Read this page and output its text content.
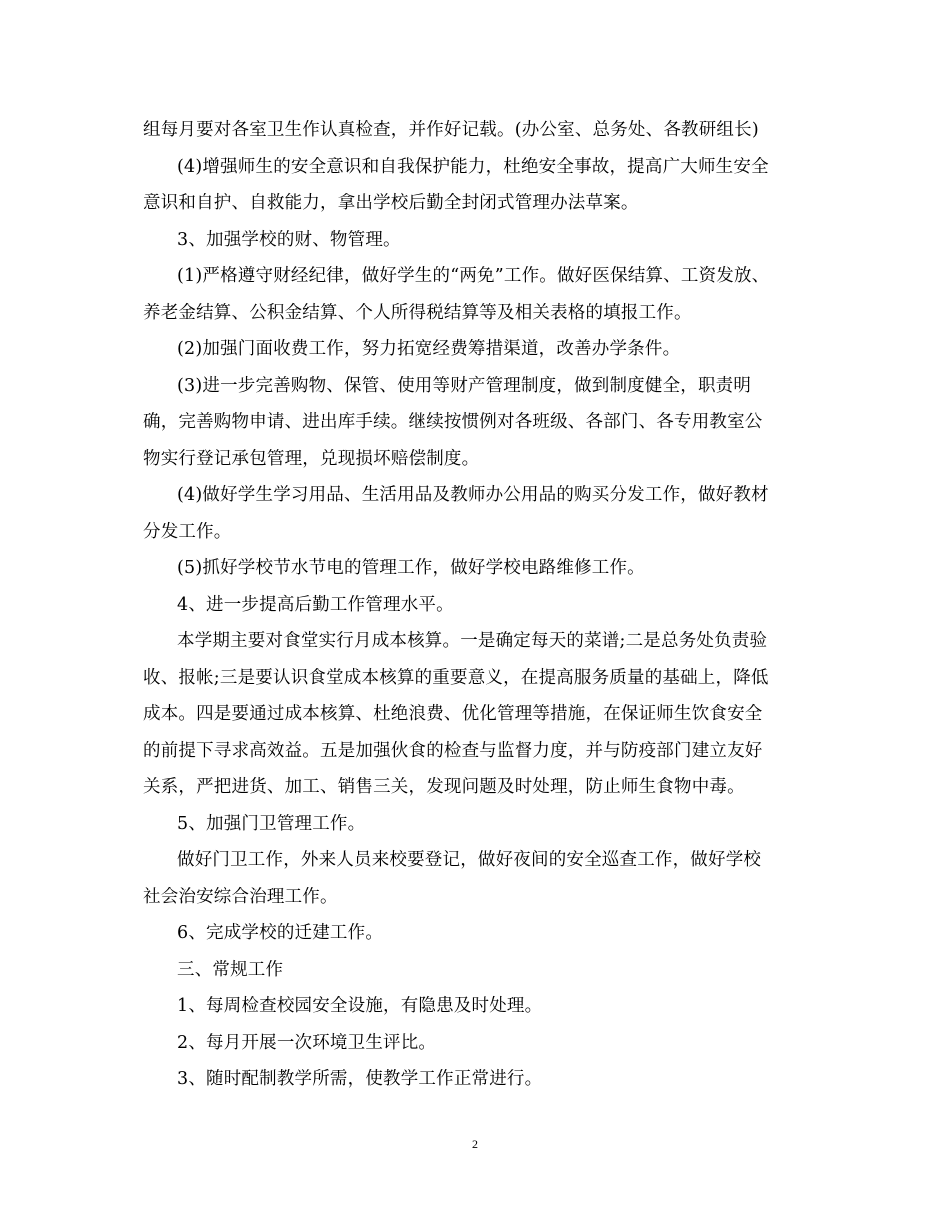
组每月要对各室卫生作认真检查，并作好记载。(办公室、总务处、各教研组长)
(4)增强师生的安全意识和自我保护能力，杜绝安全事故，提高广大师生安全
意识和自护、自救能力，拿出学校后勤全封闭式管理办法草案。
3、加强学校的财、物管理。
(1)严格遵守财经纪律，做好学生的“两免”工作。做好医保结算、工资发放、
养老金结算、公积金结算、个人所得税结算等及相关表格的填报工作。
(2)加强门面收费工作，努力拓宽经费筹措渠道，改善办学条件。
(3)进一步完善购物、保管、使用等财产管理制度，做到制度健全，职责明
确，完善购物申请、进出库手续。继续按惯例对各班级、各部门、各专用教室公
物实行登记承包管理，兑现损坏赔偿制度。
(4)做好学生学习用品、生活用品及教师办公用品的购买分发工作，做好教材
分发工作。
(5)抓好学校节水节电的管理工作，做好学校电路维修工作。
4、进一步提高后勤工作管理水平。
本学期主要对食堂实行月成本核算。一是确定每天的菜谱;二是总务处负责验
收、报帐;三是要认识食堂成本核算的重要意义，在提高服务质量的基础上，降低
成本。四是要通过成本核算、杜绝浪费、优化管理等措施，在保证师生饮食安全
的前提下寻求高效益。五是加强伙食的检查与监督力度，并与防疫部门建立友好
关系，严把进货、加工、销售三关，发现问题及时处理，防止师生食物中毒。
5、加强门卫管理工作。
做好门卫工作，外来人员来校要登记，做好夜间的安全巡查工作，做好学校
社会治安综合治理工作。
6、完成学校的迁建工作。
三、常规工作
1、每周检查校园安全设施，有隐患及时处理。
2、每月开展一次环境卫生评比。
3、随时配制教学所需，使教学工作正常进行。
2
